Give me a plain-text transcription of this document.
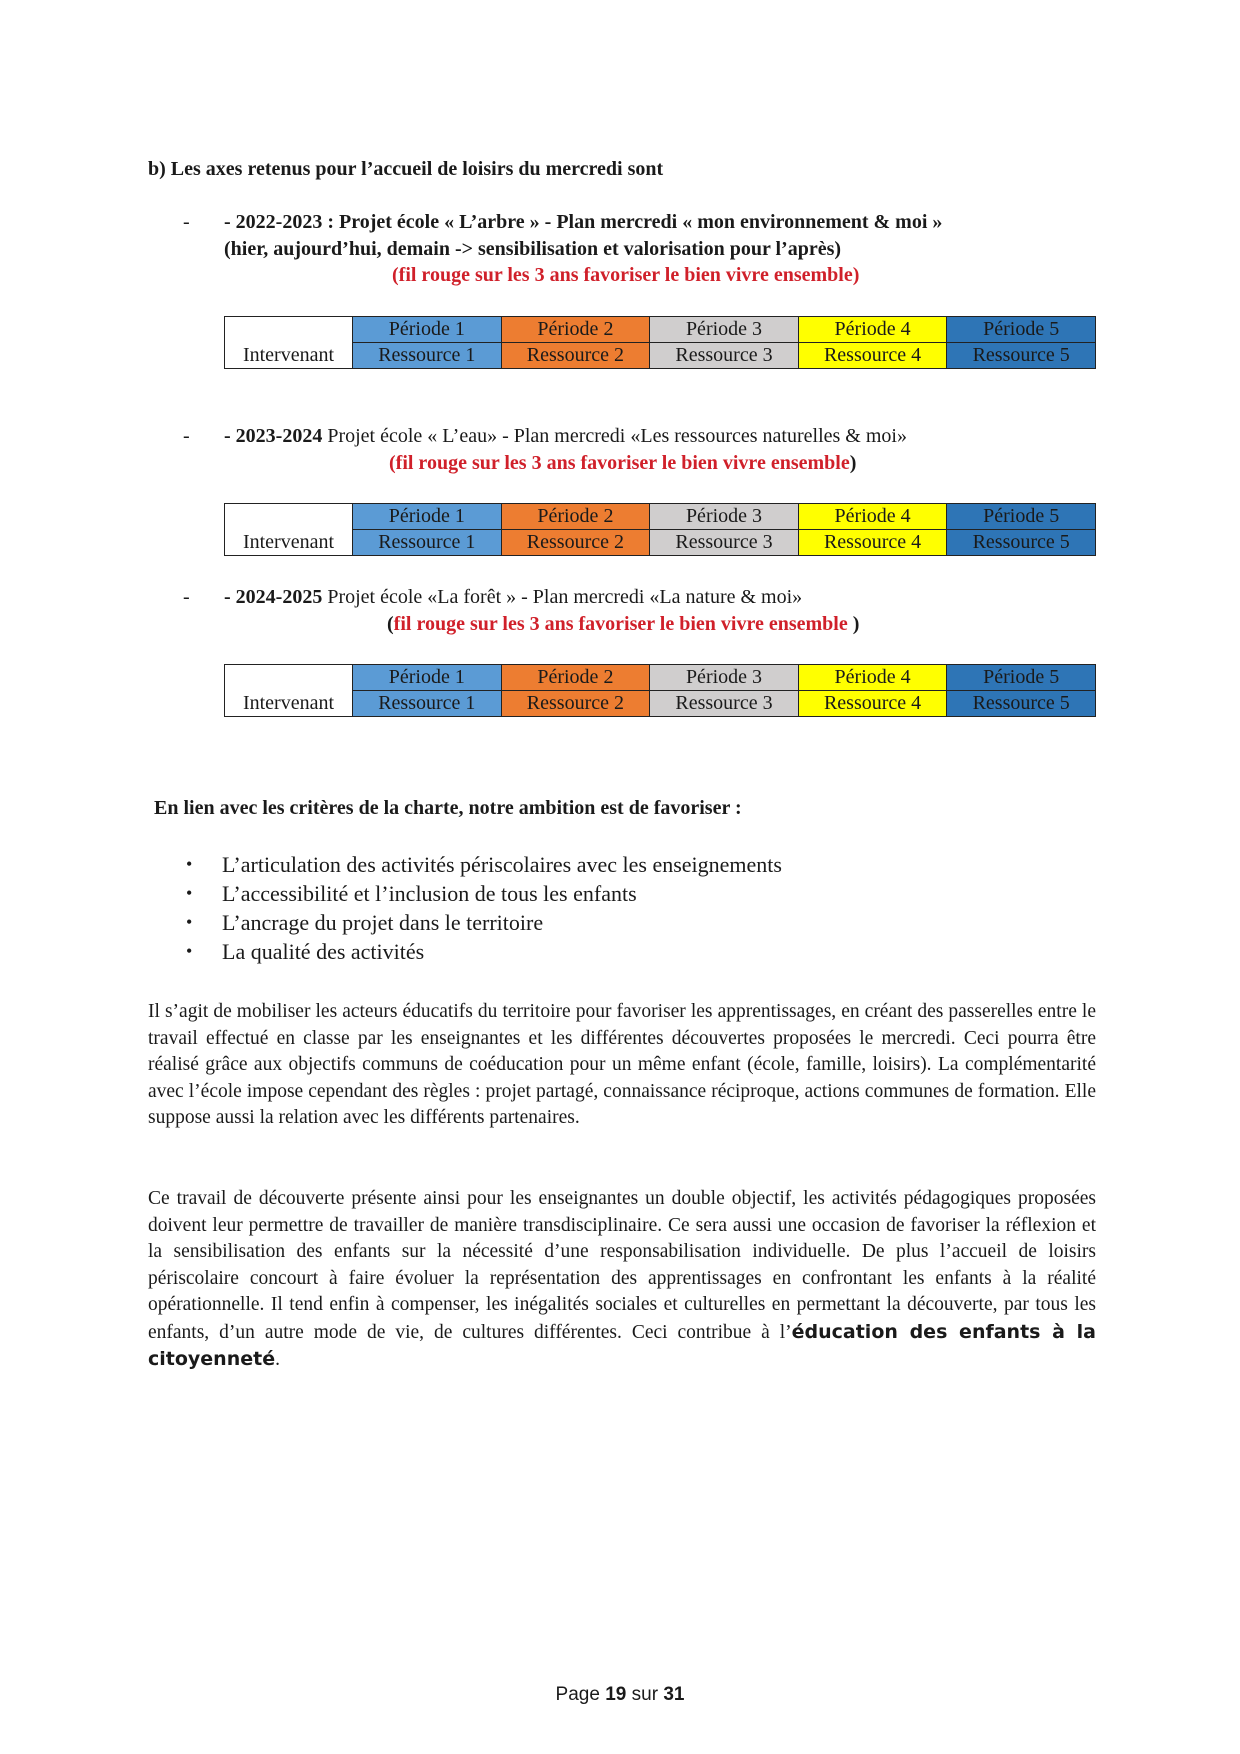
b) Les axes retenus pour l’accueil de loisirs du mercredi sont
- - 2022-2023 : Projet école « L’arbre » - Plan mercredi « mon environnement & moi »
(hier, aujourd’hui, demain -> sensibilisation et valorisation pour l’après)
(fil rouge sur les 3 ans favoriser le bien vivre ensemble)
Intervenant	Période 1	Période 2	Période 3	Période 4	Période 5
	Ressource 1	Ressource 2	Ressource 3	Ressource 4	Ressource 5
- - 2023-2024 Projet école « L’eau» - Plan mercredi «Les ressources naturelles & moi»
(fil rouge sur les 3 ans favoriser le bien vivre ensemble)
Intervenant	Période 1	Période 2	Période 3	Période 4	Période 5
	Ressource 1	Ressource 2	Ressource 3	Ressource 4	Ressource 5
- - 2024-2025 Projet école «La forêt » - Plan mercredi «La nature & moi»
(fil rouge sur les 3 ans favoriser le bien vivre ensemble )
Intervenant	Période 1	Période 2	Période 3	Période 4	Période 5
	Ressource 1	Ressource 2	Ressource 3	Ressource 4	Ressource 5
En lien avec les critères de la charte, notre ambition est de favoriser :
• L’articulation des activités périscolaires avec les enseignements
• L’accessibilité et l’inclusion de tous les enfants
• L’ancrage du projet dans le territoire
• La qualité des activités

Il s’agit de mobiliser les acteurs éducatifs du territoire pour favoriser les apprentissages, en créant des passerelles entre le travail effectué en classe par les enseignantes et les différentes découvertes proposées le mercredi. Ceci pourra être réalisé grâce aux objectifs communs de coéducation pour un même enfant (école, famille, loisirs). La complémentarité avec l’école impose cependant des règles : projet partagé, connaissance réciproque, actions communes de formation. Elle suppose aussi la relation avec les différents partenaires.

Ce travail de découverte présente ainsi pour les enseignantes un double objectif, les activités pédagogiques proposées doivent leur permettre de travailler de manière transdisciplinaire. Ce sera aussi une occasion de favoriser la réflexion et la sensibilisation des enfants sur la nécessité d’une responsabilisation individuelle. De plus l’accueil de loisirs périscolaire concourt à faire évoluer la représentation des apprentissages en confrontant les enfants à la réalité opérationnelle. Il tend enfin à compenser, les inégalités sociales et culturelles en permettant la découverte, par tous les enfants, d’un autre mode de vie, de cultures différentes. Ceci contribue à l’éducation des enfants à la citoyenneté.

Page 19 sur 31
